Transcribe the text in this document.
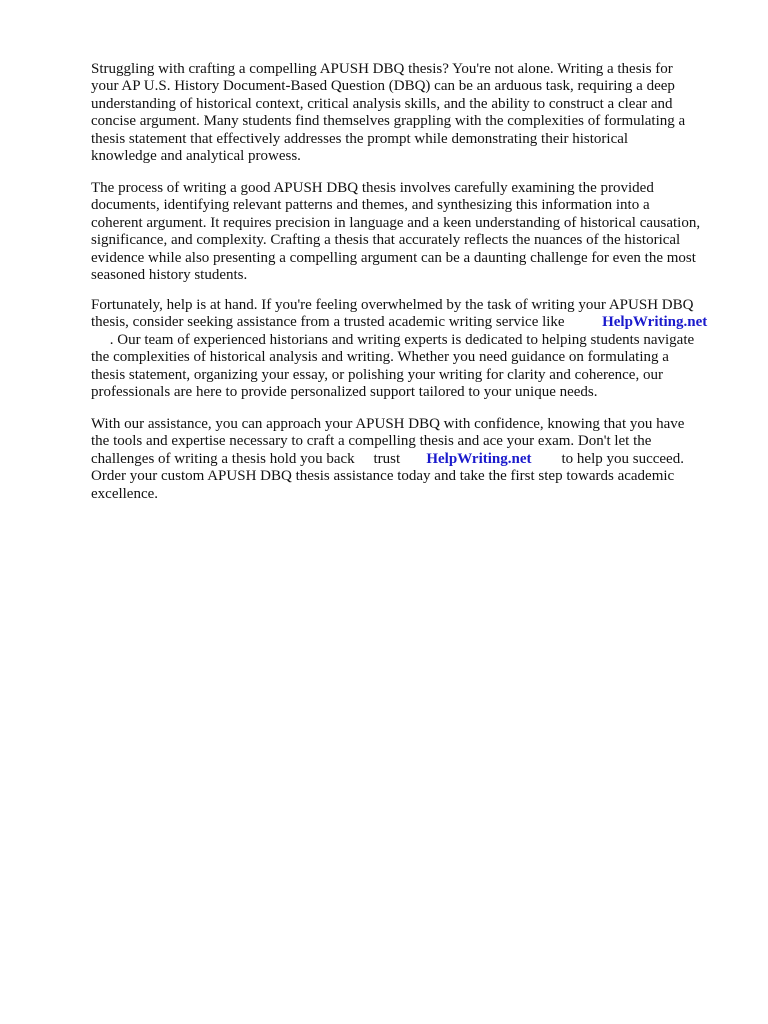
Struggling with crafting a compelling APUSH DBQ thesis? You're not alone. Writing a thesis for
your AP U.S. History Document-Based Question (DBQ) can be an arduous task, requiring a deep
understanding of historical context, critical analysis skills, and the ability to construct a clear and
concise argument. Many students find themselves grappling with the complexities of formulating a
thesis statement that effectively addresses the prompt while demonstrating their historical
knowledge and analytical prowess.

The process of writing a good APUSH DBQ thesis involves carefully examining the provided
documents, identifying relevant patterns and themes, and synthesizing this information into a
coherent argument. It requires precision in language and a keen understanding of historical causation,
significance, and complexity. Crafting a thesis that accurately reflects the nuances of the historical
evidence while also presenting a compelling argument can be a daunting challenge for even the most
seasoned history students.

Fortunately, help is at hand. If you're feeling overwhelmed by the task of writing your APUSH DBQ
thesis, consider seeking assistance from a trusted academic writing service like	HelpWriting.net
. Our team of experienced historians and writing experts is dedicated to helping students navigate
the complexities of historical analysis and writing. Whether you need guidance on formulating a
thesis statement, organizing your essay, or polishing your writing for clarity and coherence, our
professionals are here to provide personalized support tailored to your unique needs.

With our assistance, you can approach your APUSH DBQ with confidence, knowing that you have
the tools and expertise necessary to craft a compelling thesis and ace your exam. Don't let the
challenges of writing a thesis hold you back trust HelpWriting.net to help you succeed.
Order your custom APUSH DBQ thesis assistance today and take the first step towards academic
excellence.
